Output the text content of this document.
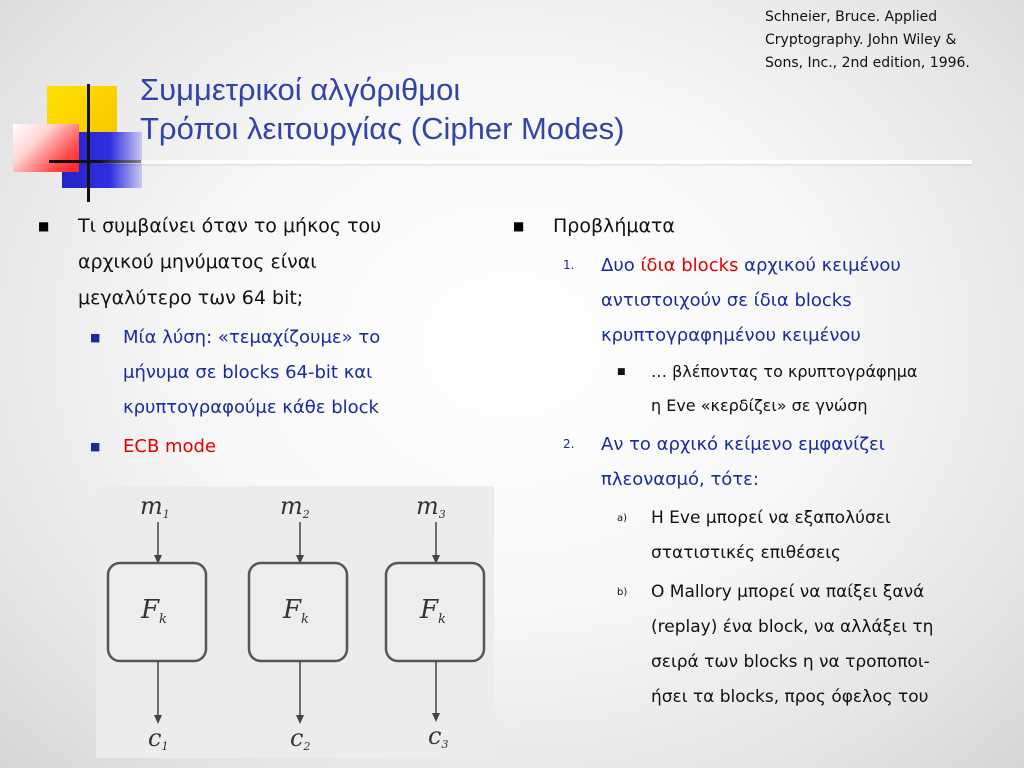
Schneier, Bruce. Applied
Cryptography. John Wiley &
Sons, Inc., 2nd edition, 1996.
Συμμετρικοί αλγόριθμοι
Τρόποι λειτουργίας (Cipher Modes)
■ Τι συμβαίνει όταν το μήκος του
αρχικού μηνύματος είναι
μεγαλύτερο των 64 bit;
■ Μία λύση: «τεμαχίζουμε» το
μήνυμα σε blocks 64-bit και
κρυπτογραφούμε κάθε block
■ ECB mode
m1
Fk
c1
m2
Fk
c2
m3
Fk
c3
■ Προβλήματα
1. Δυο ίδια blocks αρχικού κειμένου
αντιστοιχούν σε ίδια blocks
κρυπτογραφημένου κειμένου
■ … βλέποντας το κρυπτογράφημα
η Eve «κερδίζει» σε γνώση
2. Αν το αρχικό κείμενο εμφανίζει
πλεονασμό, τότε:
a) Η Eve μπορεί να εξαπολύσει
στατιστικές επιθέσεις
b) Ο Mallory μπορεί να παίξει ξανά
(replay) ένα block, να αλλάξει τη
σειρά των blocks η να τροποποι-
ήσει τα blocks, προς όφελος του
